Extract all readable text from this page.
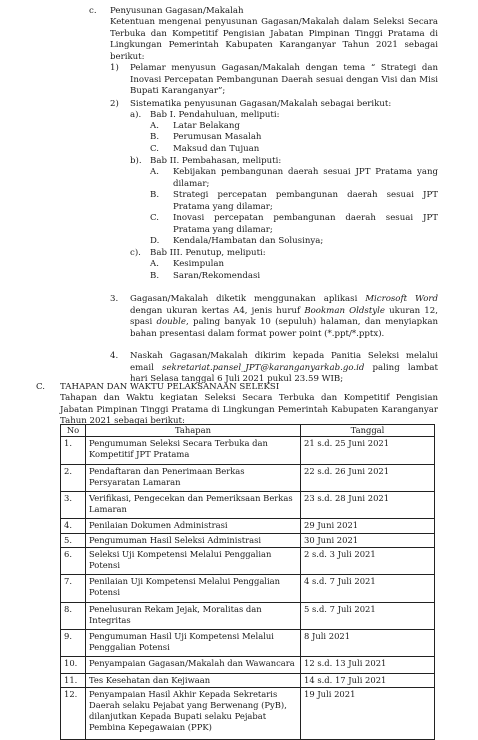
c. Penyusunan Gagasan/Makalah
Ketentuan mengenai penyusunan Gagasan/Makalah dalam Seleksi Secara Terbuka dan Kompetitif Pengisian Jabatan Pimpinan Tinggi Pratama di Lingkungan Pemerintah Kabupaten Karanganyar Tahun 2021 sebagai berikut:
1) Pelamar menyusun Gagasan/Makalah dengan tema “ Strategi dan Inovasi Percepatan Pembangunan Daerah sesuai dengan Visi dan Misi Bupati Karanganyar”;
2) Sistematika penyusunan Gagasan/Makalah sebagai berikut:
a). Bab I. Pendahuluan, meliputi:
A. Latar Belakang
B. Perumusan Masalah
C. Maksud dan Tujuan
b). Bab II. Pembahasan, meliputi:
A. Kebijakan pembangunan daerah sesuai JPT Pratama yang dilamar;
B. Strategi percepatan pembangunan daerah sesuai JPT Pratama yang dilamar;
C. Inovasi percepatan pembangunan daerah sesuai JPT Pratama yang dilamar;
D. Kendala/Hambatan dan Solusinya;
c). Bab III. Penutup, meliputi:
A. Kesimpulan
B. Saran/Rekomendasi
3. Gagasan/Makalah diketik menggunakan aplikasi Microsoft Word dengan ukuran kertas A4, jenis huruf Bookman Oldstyle ukuran 12, spasi double, paling banyak 10 (sepuluh) halaman, dan menyiapkan bahan presentasi dalam format power point (*.ppt/*.pptx).
4. Naskah Gagasan/Makalah dikirim kepada Panitia Seleksi melalui email sekretariat.pansel_JPT@karanganyarkab.go.id paling lambat hari Selasa tanggal 6 Juli 2021 pukul 23.59 WIB;
C. TAHAPAN DAN WAKTU PELAKSANAAN SELEKSI
Tahapan dan Waktu kegiatan Seleksi Secara Terbuka dan Kompetitif Pengisian Jabatan Pimpinan Tinggi Pratama di Lingkungan Pemerintah Kabupaten Karanganyar Tahun 2021 sebagai berikut:
No	Tahapan	Tanggal
1.	Pengumuman Seleksi Secara Terbuka dan Kompetitif JPT Pratama	21 s.d. 25 Juni 2021
2.	Pendaftaran dan Penerimaan Berkas Persyaratan Lamaran	22 s.d. 26 Juni 2021
3.	Verifikasi, Pengecekan dan Pemeriksaan Berkas Lamaran	23 s.d. 28 Juni 2021
4.	Penilaian Dokumen Administrasi	29 Juni 2021
5.	Pengumuman Hasil Seleksi Administrasi	30 Juni 2021
6.	Seleksi Uji Kompetensi Melalui Penggalian Potensi	2 s.d. 3 Juli 2021
7.	Penilaian Uji Kompetensi Melalui Penggalian Potensi	4 s.d. 7 Juli 2021
8.	Penelusuran Rekam Jejak, Moralitas dan Integritas	5 s.d. 7 Juli 2021
9.	Pengumuman Hasil Uji Kompetensi Melalui Penggalian Potensi	8 Juli 2021
10.	Penyampaian Gagasan/Makalah dan Wawancara	12 s.d. 13 Juli 2021
11.	Tes Kesehatan dan Kejiwaan	14 s.d. 17 Juli 2021
12.	Penyampaian Hasil Akhir Kepada Sekretaris Daerah selaku Pejabat yang Berwenang (PyB), dilanjutkan Kepada Bupati selaku Pejabat Pembina Kepegawaian (PPK)	19 Juli 2021
